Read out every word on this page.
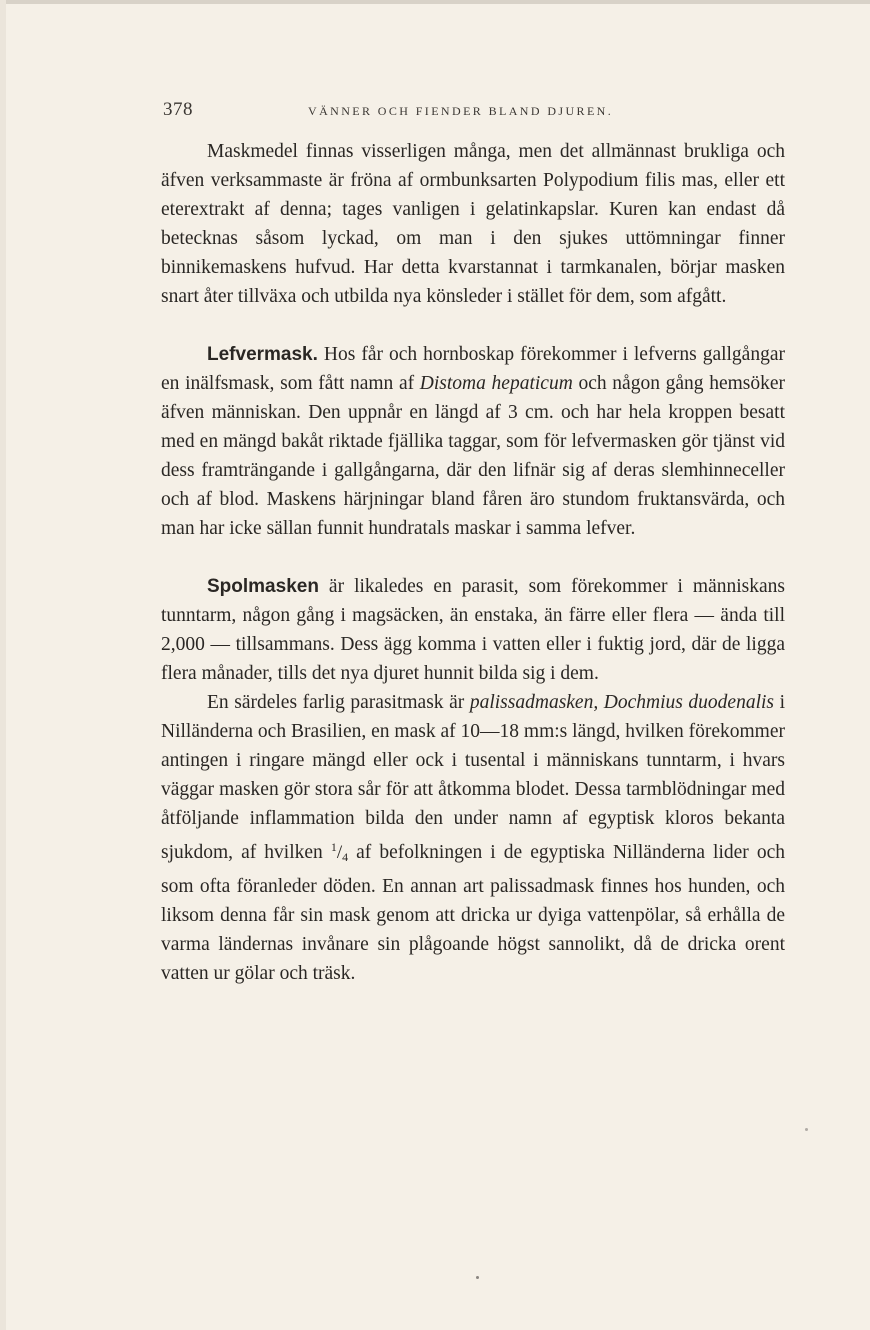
378	VÄNNER OCH FIENDER BLAND DJUREN.

Maskmedel finnas visserligen många, men det allmännast brukliga och äfven verksammaste är fröna af ormbunksarten Polypodium filis mas, eller ett eterextrakt af denna; tages vanligen i gelatinkapslar. Kuren kan endast då betecknas såsom lyckad, om man i den sjukes uttömningar finner binnikemaskens hufvud. Har detta kvarstannat i tarmkanalen, börjar masken snart åter tillväxa och utbilda nya könsleder i stället för dem, som afgått.

Lefvermask. Hos får och hornboskap förekommer i lefverns gallgångar en inälfsmask, som fått namn af Distoma hepaticum och någon gång hemsöker äfven människan. Den uppnår en längd af 3 cm. och har hela kroppen besatt med en mängd bakåt riktade fjällika taggar, som för lefvermasken gör tjänst vid dess framträngande i gallgångarna, där den lifnär sig af deras slemhinneceller och af blod. Maskens härjningar bland fåren äro stundom fruktansvärda, och man har icke sällan funnit hundratals maskar i samma lefver.

Spolmasken är likaledes en parasit, som förekommer i människans tunntarm, någon gång i magsäcken, än enstaka, än färre eller flera — ända till 2,000 — tillsammans. Dess ägg komma i vatten eller i fuktig jord, där de ligga flera månader, tills det nya djuret hunnit bilda sig i dem.

En särdeles farlig parasitmask är palissadmasken, Dochmius duodenalis i Nilländerna och Brasilien, en mask af 10—18 mm:s längd, hvilken förekommer antingen i ringare mängd eller ock i tusental i människans tunntarm, i hvars väggar masken gör stora sår för att åtkomma blodet. Dessa tarmblödningar med åtföljande inflammation bilda den under namn af egyptisk kloros bekanta sjukdom, af hvilken $^1/_4$ af befolkningen i de egyptiska Nilländerna lider och som ofta föranleder döden. En annan art palissadmask finnes hos hunden, och liksom denna får sin mask genom att dricka ur dyiga vattenpölar, så erhålla de varma ländernas invånare sin plågoande högst sannolikt, då de dricka orent vatten ur gölar och träsk.
